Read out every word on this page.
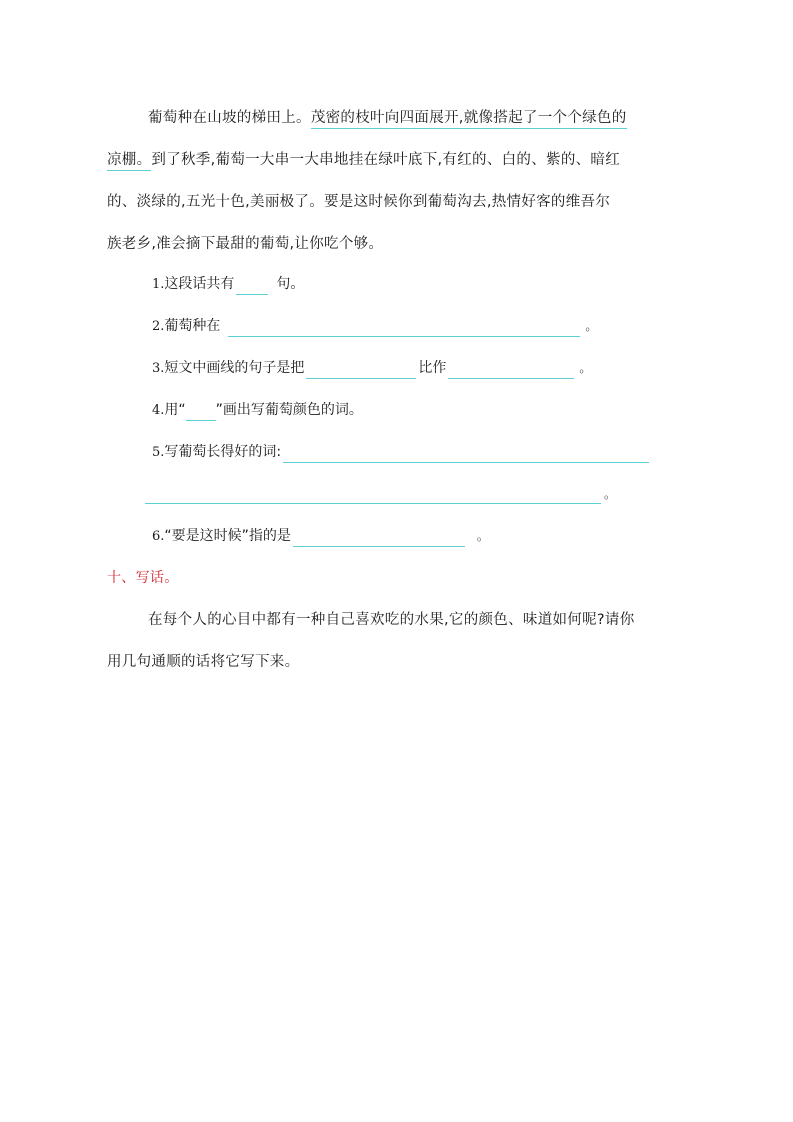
葡萄种在山坡的梯田上。茂密的枝叶向四面展开,就像搭起了一个个绿色的
凉棚。到了秋季,葡萄一大串一大串地挂在绿叶底下,有红的、白的、紫的、暗红
的、淡绿的,五光十色,美丽极了。要是这时候你到葡萄沟去,热情好客的维吾尔
族老乡,准会摘下最甜的葡萄,让你吃个够。
1.这段话共有	句。
2.葡萄种在	。
3.短文中画线的句子是把	比作	。
4.用“ ”画出写葡萄颜色的词。
5.写葡萄长得好的词:
。
6.“要是这时候”指的是	。
十、写话。
在每个人的心目中都有一种自己喜欢吃的水果,它的颜色、味道如何呢?请你
用几句通顺的话将它写下来。
